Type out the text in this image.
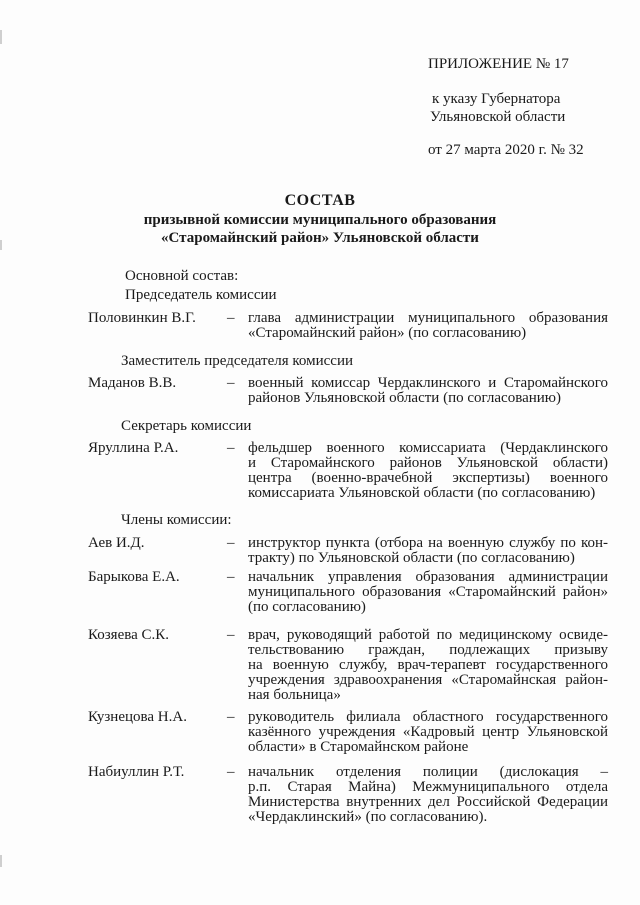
ПРИЛОЖЕНИЕ № 17
к указу Губернатора
Ульяновской области
от 27 марта 2020 г. № 32
СОСТАВ
призывной комиссии муниципального образования
«Старомайнский район» Ульяновской области
Основной состав:
Председатель комиссии
Заместитель председателя комиссии
Секретарь комиссии
Члены комиссии:
Половинкин В.Г. – глава администрации муниципального образования
«Старомайнский район» (по согласованию)
Маданов В.В.	– военный комиссар Чердаклинского и Старомайнского
районов Ульяновской области (по согласованию)
Яруллина Р.А.	– фельдшер военного комиссариата (Чердаклинского
и Старомайнского районов Ульяновской области)
центра (военно-врачебной экспертизы) военного
комиссариата Ульяновской области (по согласованию)
Аев И.Д.	– инструктор пункта (отбора на военную службу по кон-
тракту) по Ульяновской области (по согласованию)
Барыкова Е.А.	– начальник управления образования администрации
муниципального образования «Старомайнский район»
(по согласованию)
Козяева С.К.	– врач, руководящий работой по медицинскому освиде-
тельствованию граждан, подлежащих призыву
на военную службу, врач-терапевт государственного
учреждения здравоохранения «Старомайнская район-
ная больница»
Кузнецова Н.А.	– руководитель филиала областного государственного
казённого учреждения «Кадровый центр Ульяновской
области» в Старомайнском районе
Набиуллин Р.Т.	– начальник отделения полиции (дислокация –
р.п. Старая Майна) Межмуниципального отдела
Министерства внутренних дел Российской Федерации
«Чердаклинский» (по согласованию).
